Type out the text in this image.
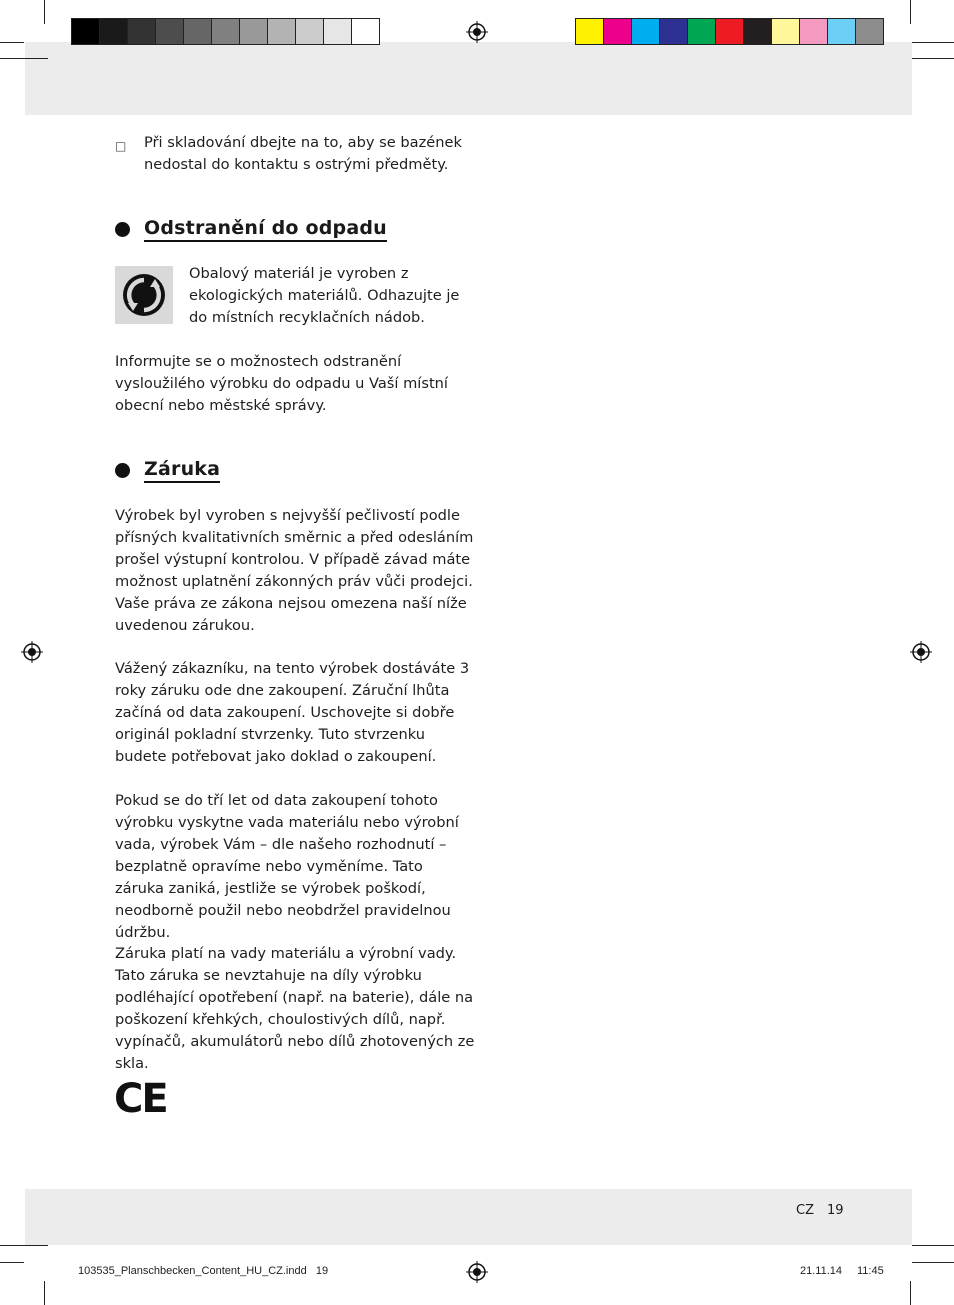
□ Při skladování dbejte na to, aby se bazének nedostal do kontaktu s ostrými předměty.
Odstranění do odpadu
Obalový materiál je vyroben z ekologických materiálů. Odhazujte je do místních recyklačních nádob.
Informujte se o možnostech odstranění vysloužilého výrobku do odpadu u Vaší místní obecní nebo městské správy.
Záruka
Výrobek byl vyroben s nejvyšší pečlivostí podle přísných kvalitativních směrnic a před odesláním prošel výstupní kontrolou. V případě závad máte možnost uplatnění zákonných práv vůči prodejci. Vaše práva ze zákona nejsou omezena naší níže uvedenou zárukou.
Vážený zákazníku, na tento výrobek dostáváte 3 roky záruku ode dne zakoupení. Záruční lhůta začíná od data zakoupení. Uschovejte si dobře originál pokladní stvrzenky. Tuto stvrzenku budete potřebovat jako doklad o zakoupení.
Pokud se do tří let od data zakoupení tohoto výrobku vyskytne vada materiálu nebo výrobní vada, výrobek Vám – dle našeho rozhodnutí – bezplatně opravíme nebo vyměníme. Tato záruka zaniká, jestliže se výrobek poškodí, neodborně použil nebo neobdržel pravidelnou údržbu.
Záruka platí na vady materiálu a výrobní vady. Tato záruka se nevztahuje na díly výrobku podléhající opotřebení (např. na baterie), dále na poškození křehkých, choulostivých dílů, např. vypínačů, akumulátorů nebo dílů zhotovených ze skla.
CE
CZ 19
103535_Planschbecken_Content_HU_CZ.indd   19	21.11.14 11:45
